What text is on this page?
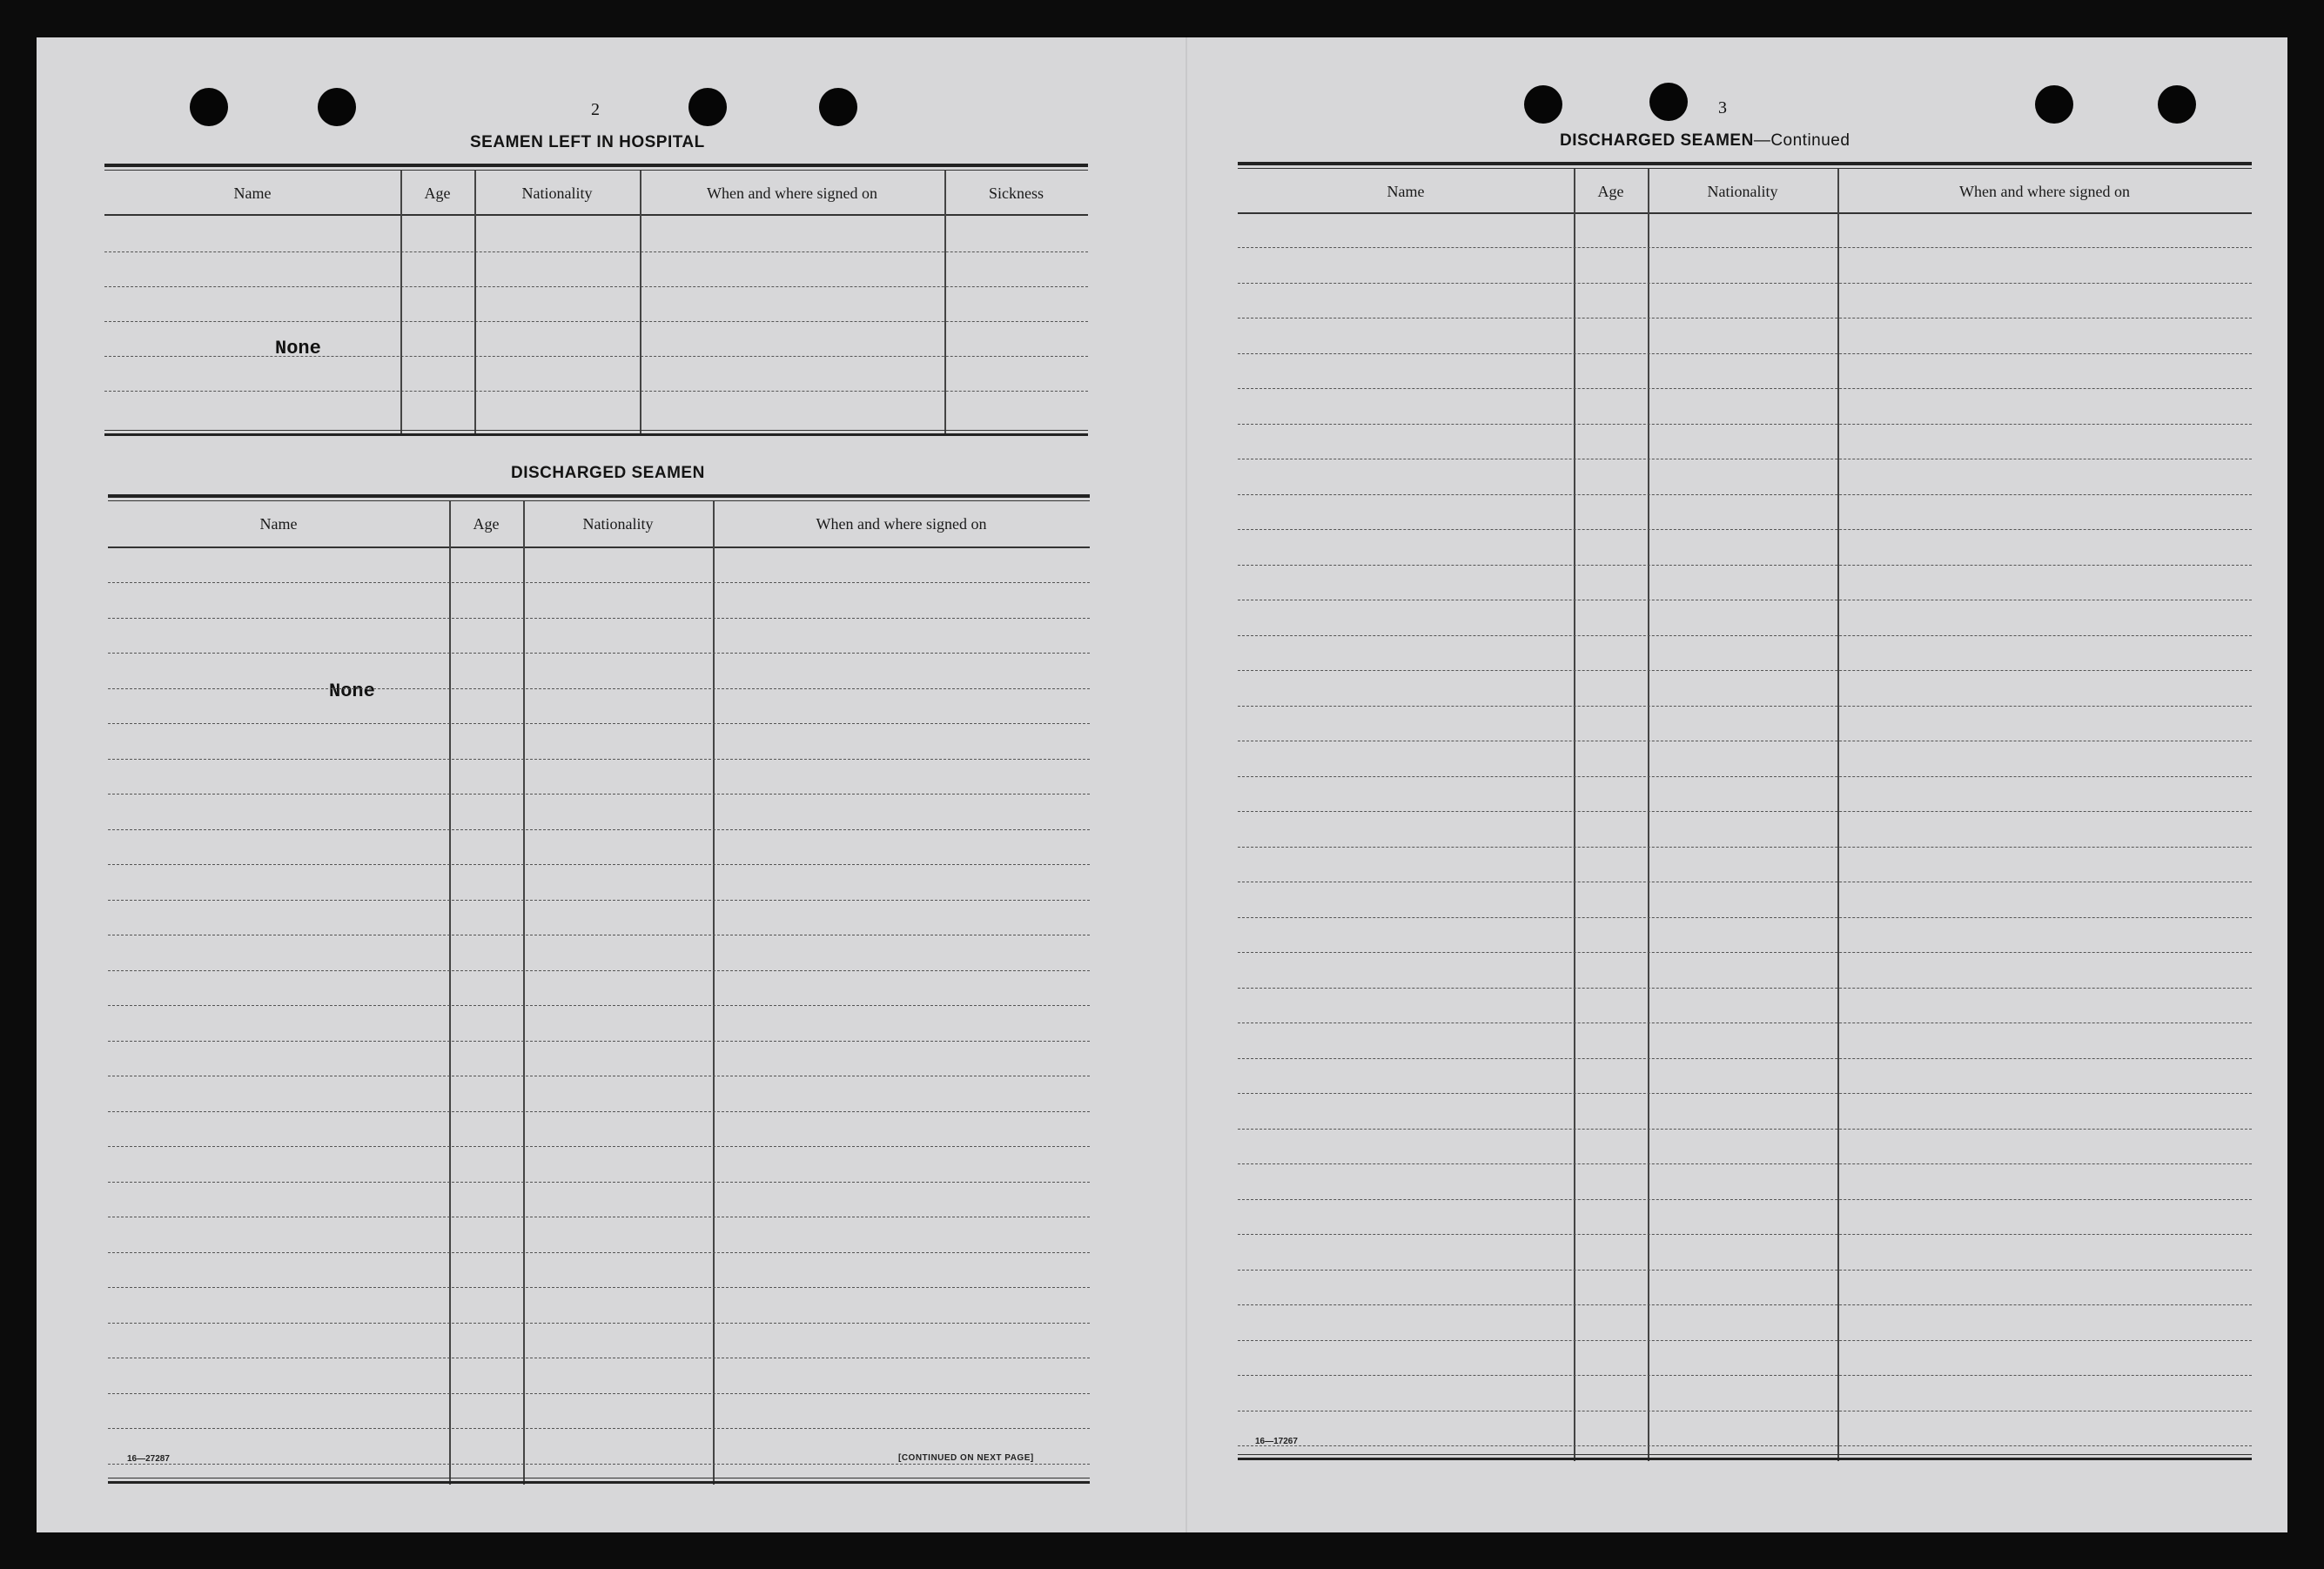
2
SEAMEN LEFT IN HOSPITAL
Name	Age	Nationality	When and where signed on	Sickness
None
DISCHARGED SEAMEN
Name	Age	Nationality	When and where signed on
None
16—27287	[CONTINUED ON NEXT PAGE]
3
DISCHARGED SEAMEN—Continued
Name	Age	Nationality	When and where signed on
16—17267
